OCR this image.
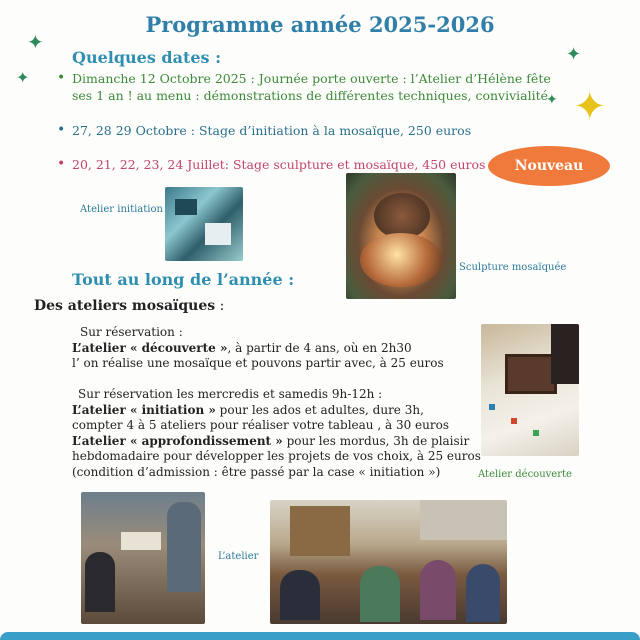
✦
✦
✦
✦ ✦
Programme année 2025-2026
Quelques dates :
• Dimanche 12 Octobre 2025 : Journée porte ouverte : l’Atelier d’Hélène fête ses 1 an ! au menu : démonstrations de différentes techniques, convivialité
• 27, 28 29 Octobre : Stage d’initiation à la mosaïque, 250 euros
• 20, 21, 22, 23, 24 Juillet: Stage sculpture et mosaïque, 450 euros	Nouveau
Atelier initiation
Sculpture mosaïquée
Tout au long de l’année :
Des ateliers mosaïques :
Sur réservation :
L’atelier « découverte », à partir de 4 ans, où en 2h30
l’ on réalise une mosaïque et pouvons partir avec, à 25 euros
Sur réservation les mercredis et samedis 9h-12h :
L’atelier « initiation » pour les ados et adultes, dure 3h,
compter 4 à 5 ateliers pour réaliser votre tableau , à 30 euros
L’atelier « approfondissement » pour les mordus, 3h de plaisir
hebdomadaire pour développer les projets de vos choix, à 25 euros
(condition d’admission : être passé par la case « initiation »)	Atelier découverte
L’atelier
